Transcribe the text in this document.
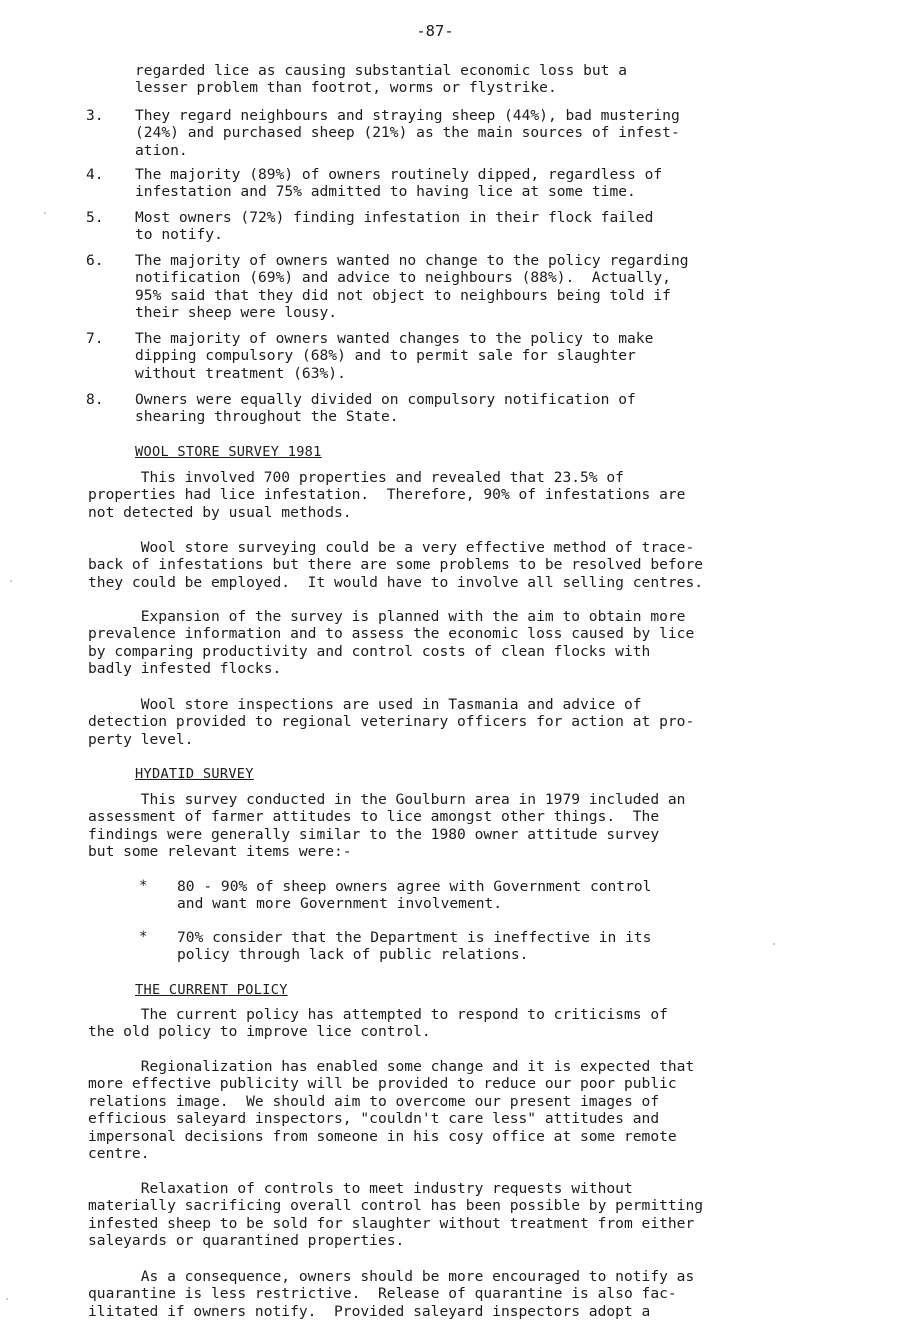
-87-

regarded lice as causing substantial economic loss but a
lesser problem than footrot, worms or flystrike.

3. They regard neighbours and straying sheep (44%), bad mustering
(24%) and purchased sheep (21%) as the main sources of infest-
ation.

4. The majority (89%) of owners routinely dipped, regardless of
infestation and 75% admitted to having lice at some time.

5. Most owners (72%) finding infestation in their flock failed
to notify.

6. The majority of owners wanted no change to the policy regarding
notification (69%) and advice to neighbours (88%).  Actually,
95% said that they did not object to neighbours being told if
their sheep were lousy.

7. The majority of owners wanted changes to the policy to make
dipping compulsory (68%) and to permit sale for slaughter
without treatment (63%).

8. Owners were equally divided on compulsory notification of
shearing throughout the State.

WOOL STORE SURVEY 1981

This involved 700 properties and revealed that 23.5% of
properties had lice infestation.  Therefore, 90% of infestations are
not detected by usual methods.

Wool store surveying could be a very effective method of trace-
back of infestations but there are some problems to be resolved before
they could be employed.  It would have to involve all selling centres.

Expansion of the survey is planned with the aim to obtain more
prevalence information and to assess the economic loss caused by lice
by comparing productivity and control costs of clean flocks with
badly infested flocks.

Wool store inspections are used in Tasmania and advice of
detection provided to regional veterinary officers for action at pro-
perty level.

HYDATID SURVEY

This survey conducted in the Goulburn area in 1979 included an
assessment of farmer attitudes to lice amongst other things.  The
findings were generally similar to the 1980 owner attitude survey
but some relevant items were:-

* 80 - 90% of sheep owners agree with Government control
and want more Government involvement.

* 70% consider that the Department is ineffective in its
policy through lack of public relations.

THE CURRENT POLICY

The current policy has attempted to respond to criticisms of
the old policy to improve lice control.

Regionalization has enabled some change and it is expected that
more effective publicity will be provided to reduce our poor public
relations image.  We should aim to overcome our present images of
efficious saleyard inspectors, "couldn't care less" attitudes and
impersonal decisions from someone in his cosy office at some remote
centre.

Relaxation of controls to meet industry requests without
materially sacrificing overall control has been possible by permitting
infested sheep to be sold for slaughter without treatment from either
saleyards or quarantined properties.

As a consequence, owners should be more encouraged to notify as
quarantine is less restrictive.  Release of quarantine is also fac-
ilitated if owners notify.  Provided saleyard inspectors adopt a
